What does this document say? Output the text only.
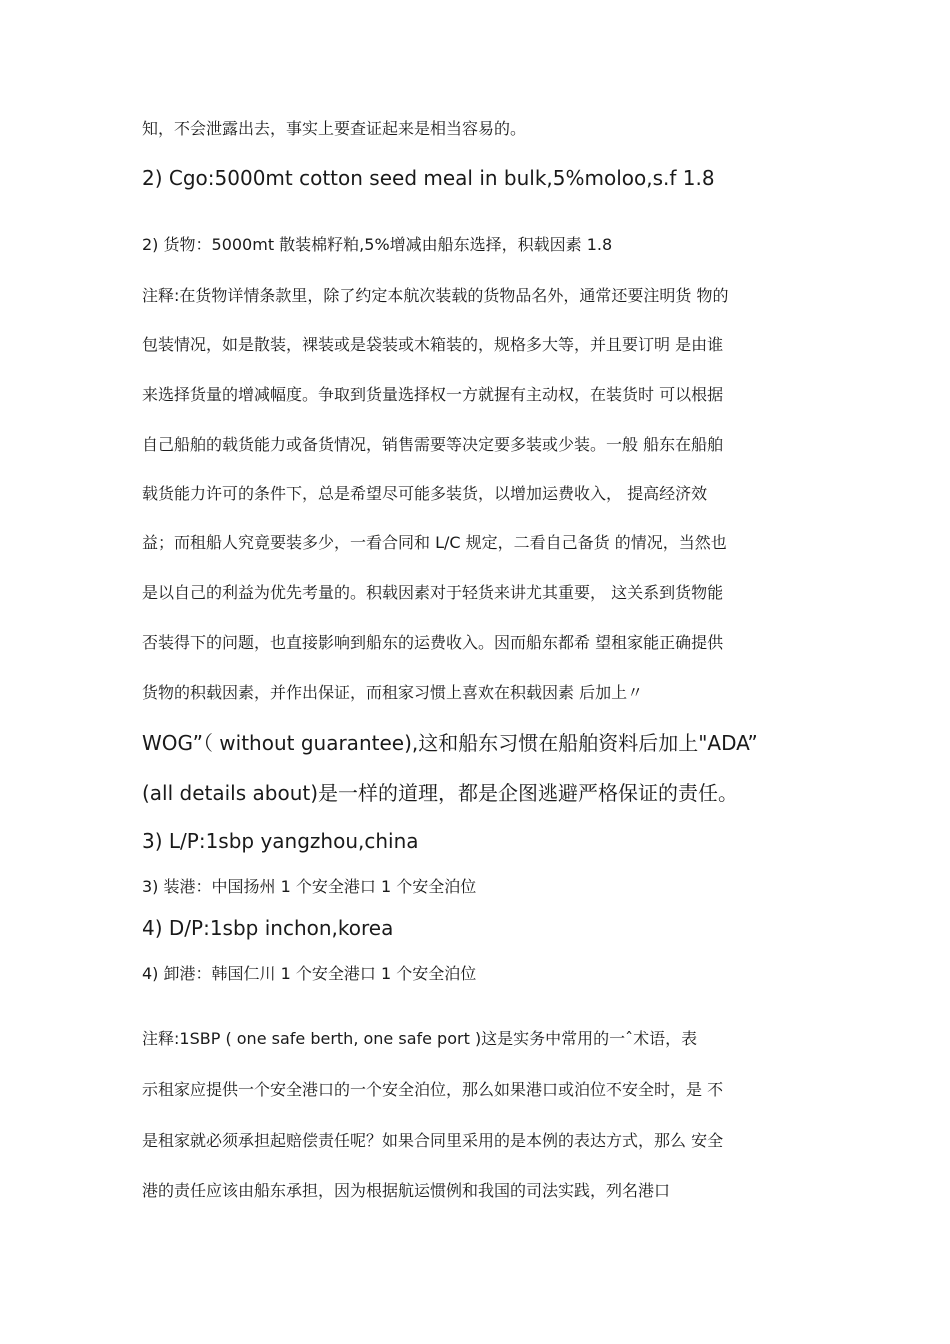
知，不会泄露出去，事实上要查证起来是相当容易的。

2) Cgo:5000mt cotton seed meal in bulk,5%moloo,s.f 1.8

2) 货物：5000mt 散装棉籽粕,5%增减由船东选择，积载因素 1.8

注释:在货物详情条款里，除了约定本航次装载的货物品名外，通常还要注明货 物的

包装情况，如是散装，裸装或是袋装或木箱装的，规格多大等，并且要订明 是由谁

来选择货量的增减幅度。争取到货量选择权一方就握有主动权，在装货时 可以根据

自己船舶的载货能力或备货情况，销售需要等决定要多装或少装。一般 船东在船舶

载货能力许可的条件下，总是希望尽可能多装货，以增加运费收入， 提高经济效

益；而租船人究竟要装多少，一看合同和 L/C 规定，二看自己备货 的情况，当然也

是以自己的利益为优先考量的。积载因素对于轻货来讲尤其重要， 这关系到货物能

否装得下的问题，也直接影响到船东的运费收入。因而船东都希 望租家能正确提供

货物的积载因素，并作出保证，而租家习惯上喜欢在积载因素 后加上〃

WOG”（ without guarantee),这和船东习惯在船舶资料后加上"ADA”

(all details about)是一样的道理，都是企图逃避严格保证的责任。

3) L/P:1sbp yangzhou,china

3) 装港：中国扬州 1 个安全港口 1 个安全泊位

4) D/P:1sbp inchon,korea

4) 卸港：韩国仁川 1 个安全港口 1 个安全泊位

注释:1SBP ( one safe berth, one safe port )这是实务中常用的一ˆ术语，表

示租家应提供一个安全港口的一个安全泊位，那么如果港口或泊位不安全时，是 不

是租家就必须承担起赔偿责任呢？如果合同里采用的是本例的表达方式，那么 安全

港的责任应该由船东承担，因为根据航运惯例和我国的司法实践，列名港口
